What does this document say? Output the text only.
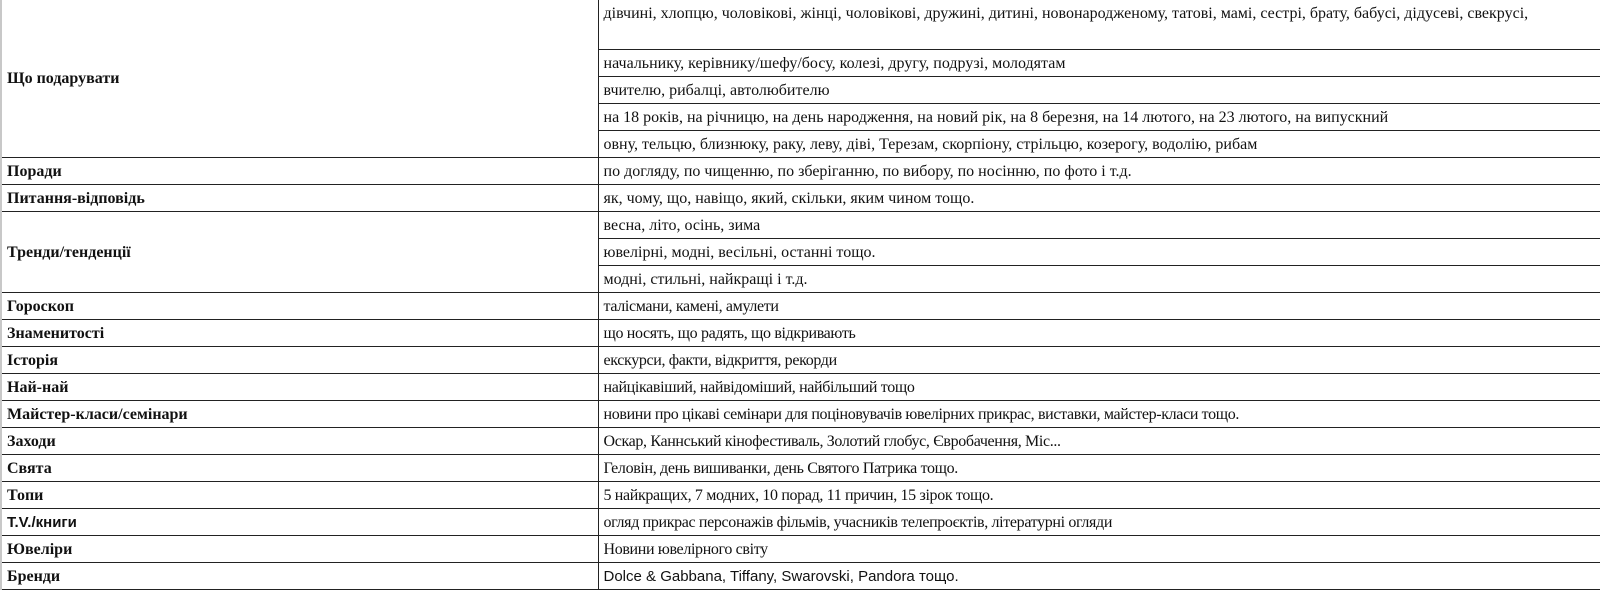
Що подарувати	дівчині, хлопцю, чоловікові, жінці, чоловікові, дружині, дитині, новонародженому, татові, мамі, сестрі, брату, бабусі, дідусеві, свекрусі,
	начальнику, керівнику/шефу/босу, колезі, другу, подрузі, молодятам
	вчителю, рибалці, автолюбителю
	на 18 років, на річницю, на день народження, на новий рік, на 8 березня, на 14 лютого, на 23 лютого, на випускний
	овну, тельцю, близнюку, раку, леву, діві, Терезам, скорпіону, стрільцю, козерогу, водолію, рибам
Поради	по догляду, по чищенню, по зберіганню, по вибору, по носінню, по фото і т.д.
Питання-відповідь	як, чому, що, навіщо, який, скільки, яким чином тощо.
Тренди/тенденції	весна, літо, осінь, зима
	ювелірні, модні, весільні, останні тощо.
	модні, стильні, найкращі і т.д.
Гороскоп	талісмани, камені, амулети
Знаменитості	що носять, що радять, що відкривають
Історія	екскурси, факти, відкриття, рекорди
Най-най	найцікавіший, найвідоміший, найбільший тощо
Майстер-класи/семінари	новини про цікаві семінари для поціновувачів ювелірних прикрас, виставки, майстер-класи тощо.
Заходи	Оскар, Каннський кінофестиваль, Золотий глобус, Євробачення, Міс...
Свята	Геловін, день вишиванки, день Святого Патрика тощо.
Топи	5 найкращих, 7 модних, 10 порад, 11 причин, 15 зірок тощо.
T.V./книги	огляд прикрас персонажів фільмів, учасників телепроєктів, літературні огляди
Ювеліри	Новини ювелірного світу
Бренди	Dolce & Gabbana, Tiffany, Swarovski, Pandora тощо.
